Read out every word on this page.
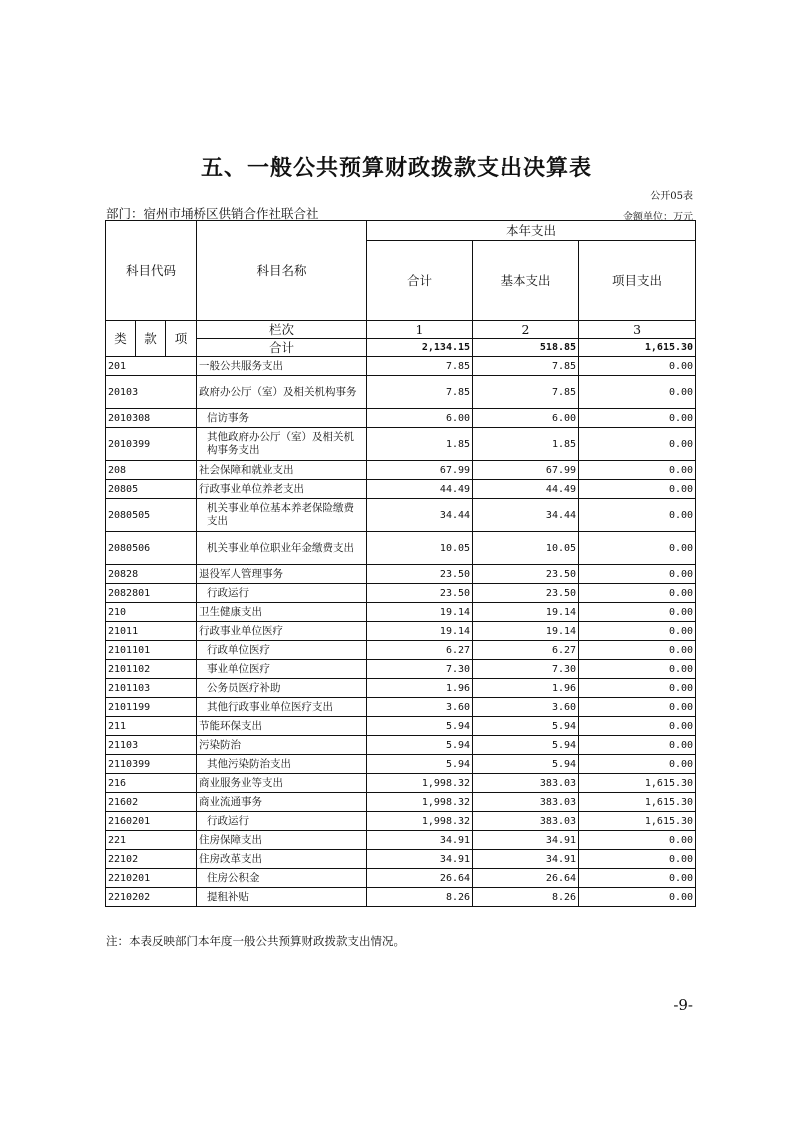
五、一般公共预算财政拨款支出决算表
公开05表
部门：宿州市埇桥区供销合作社联合社	金额单位：万元
科目代码			科目名称	本年支出		
				合计	基本支出	项目支出

类	款	项	栏次	1	2	3
			合计	2,134.15	518.85	1,615.30
201			一般公共服务支出	7.85	7.85	0.00
20103			政府办公厅（室）及相关机构事务	7.85	7.85	0.00
2010308			信访事务	6.00	6.00	0.00
2010399			其他政府办公厅（室）及相关机构事务支出	1.85	1.85	0.00
208			社会保障和就业支出	67.99	67.99	0.00
20805			行政事业单位养老支出	44.49	44.49	0.00
2080505			机关事业单位基本养老保险缴费支出	34.44	34.44	0.00
2080506			机关事业单位职业年金缴费支出	10.05	10.05	0.00
20828			退役军人管理事务	23.50	23.50	0.00
2082801			行政运行	23.50	23.50	0.00
210			卫生健康支出	19.14	19.14	0.00
21011			行政事业单位医疗	19.14	19.14	0.00
2101101			行政单位医疗	6.27	6.27	0.00
2101102			事业单位医疗	7.30	7.30	0.00
2101103			公务员医疗补助	1.96	1.96	0.00
2101199			其他行政事业单位医疗支出	3.60	3.60	0.00
211			节能环保支出	5.94	5.94	0.00
21103			污染防治	5.94	5.94	0.00
2110399			其他污染防治支出	5.94	5.94	0.00
216			商业服务业等支出	1,998.32	383.03	1,615.30
21602			商业流通事务	1,998.32	383.03	1,615.30
2160201			行政运行	1,998.32	383.03	1,615.30
221			住房保障支出	34.91	34.91	0.00
22102			住房改革支出	34.91	34.91	0.00
2210201			住房公积金	26.64	26.64	0.00
2210202			提租补贴	8.26	8.26	0.00
注：本表反映部门本年度一般公共预算财政拨款支出情况。
-9-
